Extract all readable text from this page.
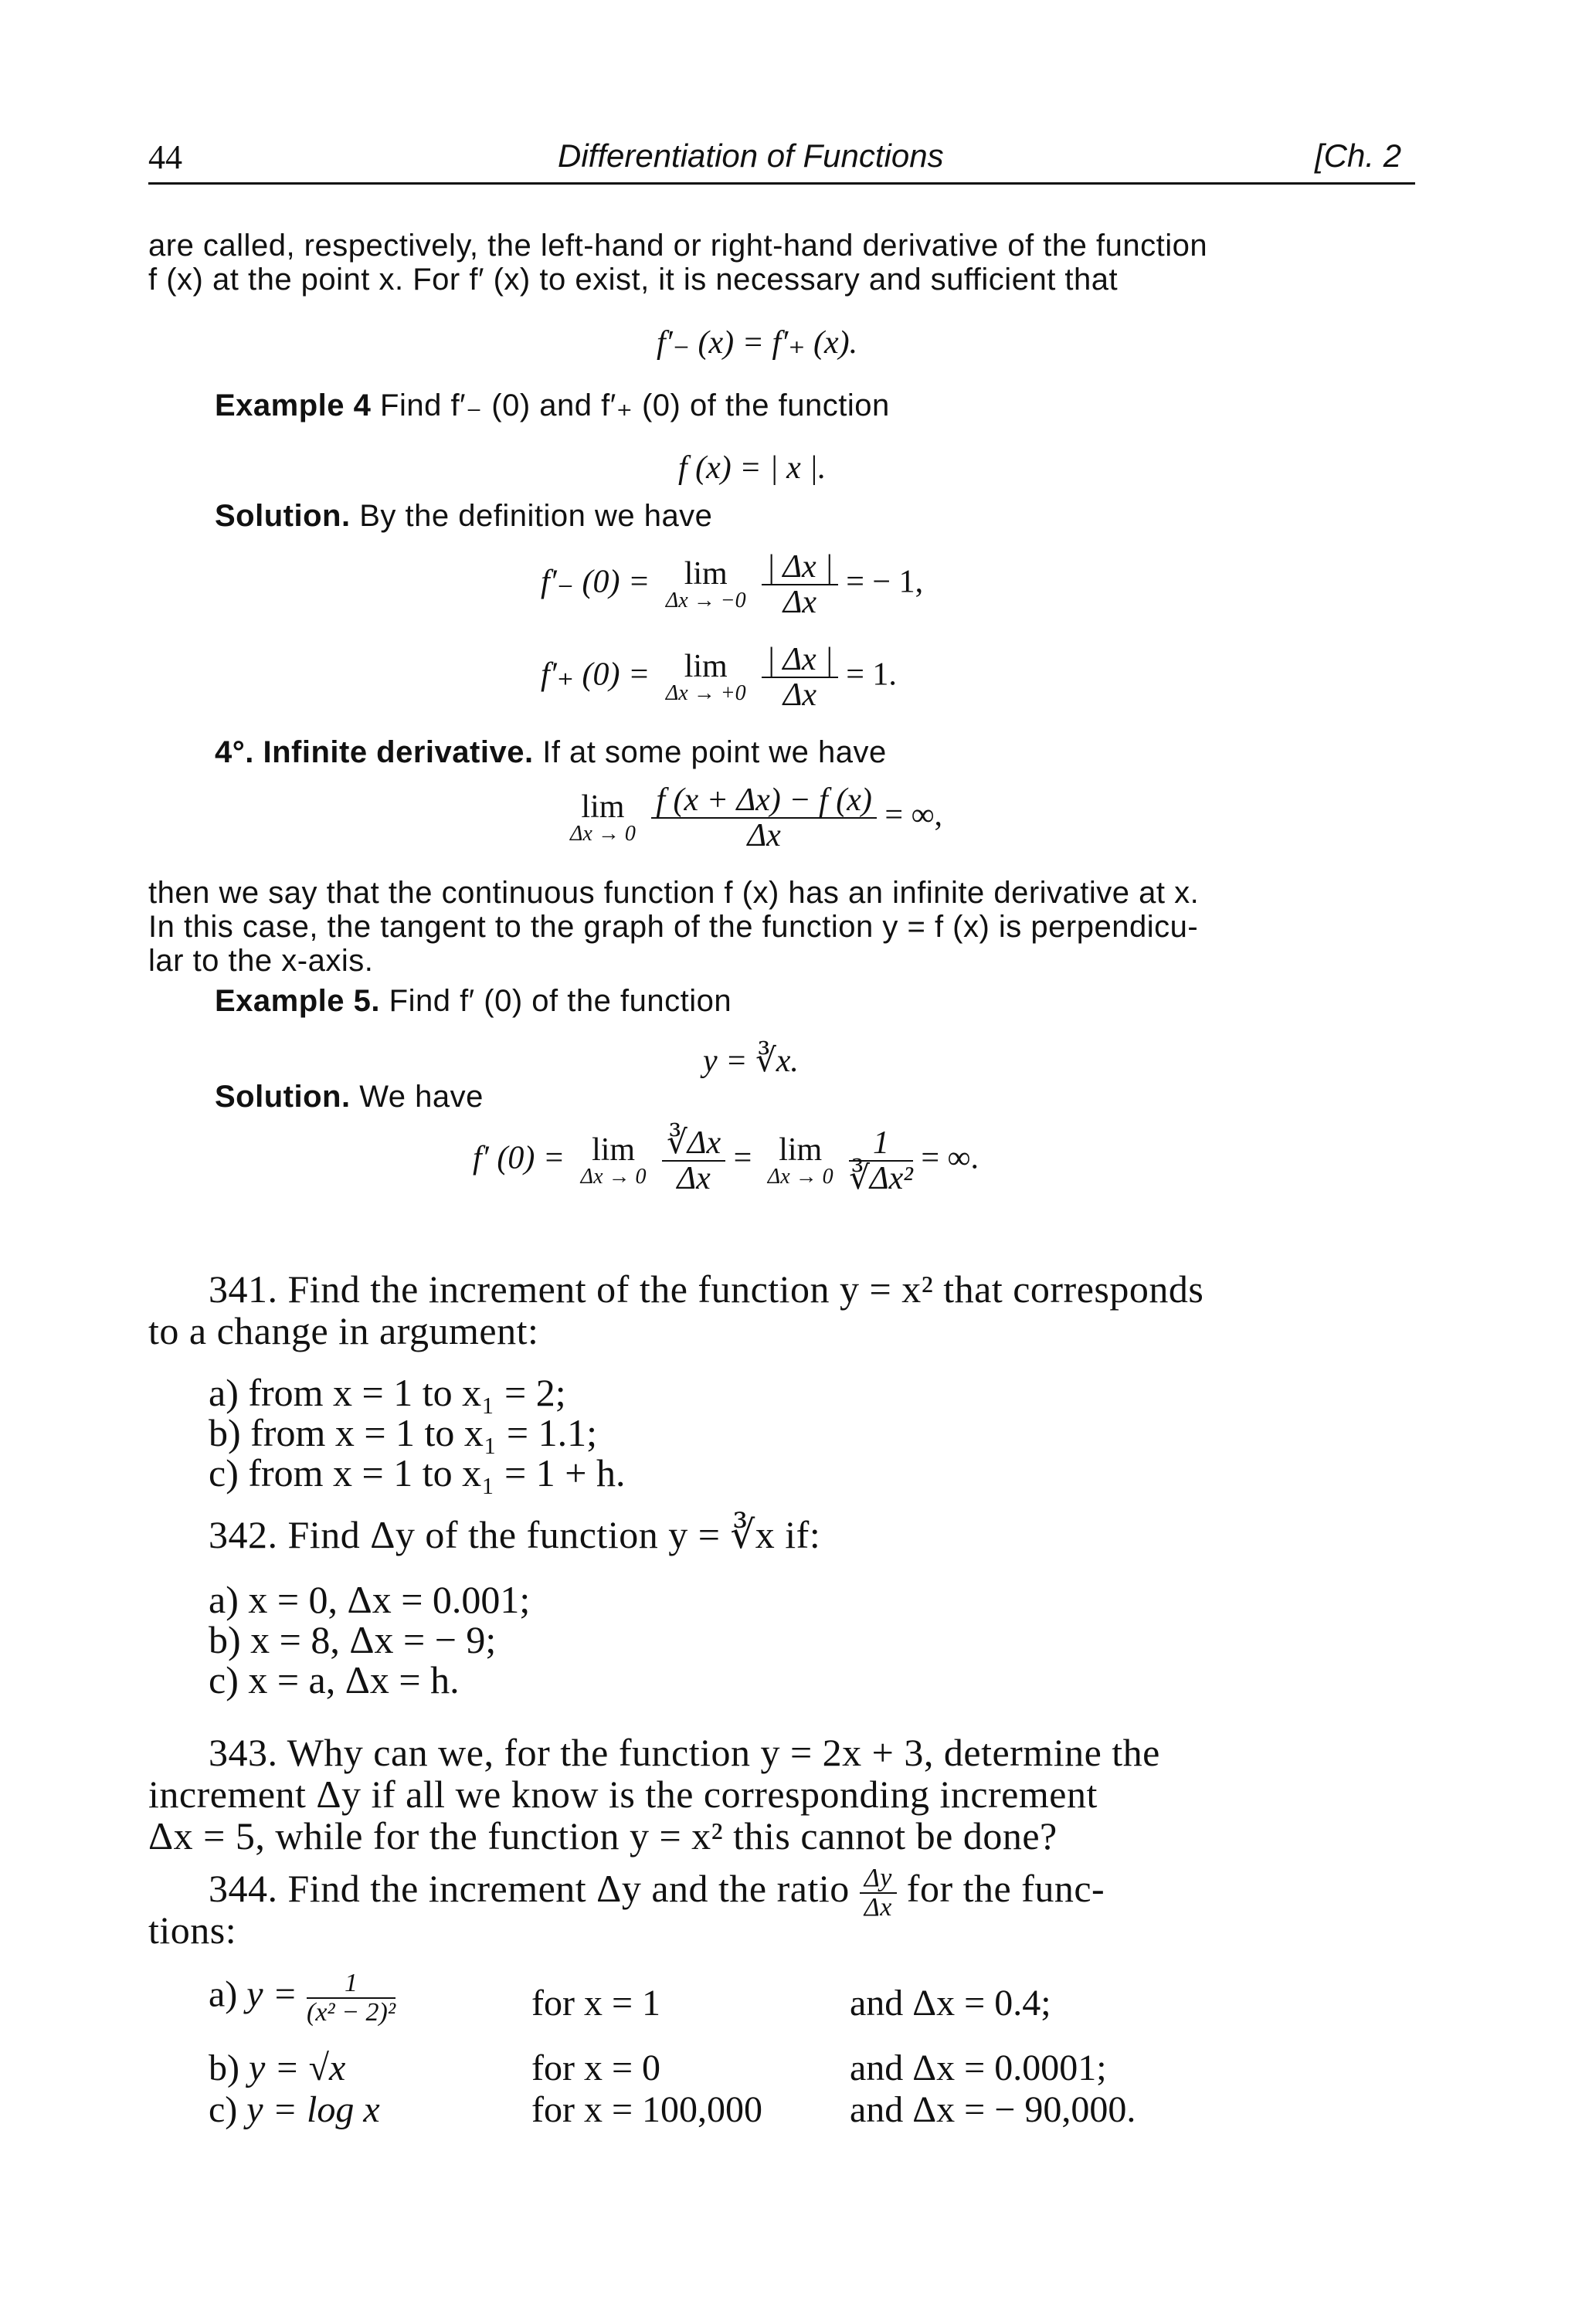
44	Differentiation of Functions	[Ch. 2
are called, respectively, the left-hand or right-hand derivative of the function
f (x) at the point x. For f′ (x) to exist, it is necessary and sufficient that
f′₋ (x) = f′₊ (x).
Example 4 Find f′₋ (0) and f′₊ (0) of the function
f (x) = | x |.
Solution. By the definition we have
f′₋ (0) =	lim
Δx → −0
$\frac{| \Delta x |}{\Delta x}$ = − 1,
f′₊ (0) =	lim
Δx → +0
$\frac{| \Delta x |}{\Delta x} = 1$.
4°. Infinite derivative. If at some point we have
lim
Δx → 0
$\frac{f (x + \Delta x) - f (x)}{\Delta x}$ = ∞,
then we say that the continuous function f (x) has an infinite derivative at x.
In this case, the tangent to the graph of the function y = f (x) is perpendicu-
lar to the x-axis.
Example 5. Find f′ (0) of the function
y = ∛x.
Solution. We have
f′ (0) = lim
Δx → 0
$\frac{∛\Delta x}{\Delta x} = \lim$
Δx → 0
$\frac{1}{\text{∛Δx²}}$ = ∞.
341. Find the increment of the function y = x² that corresponds
to a change in argument:
a) from x = 1 to x₁ = 2;
b) from x = 1 to x₁ = 1.1;
c) from x = 1 to x₁ = 1 + h.
342. Find Δy of the function y = ∛x if:
a) x = 0, Δx = 0.001;
b) x = 8, Δx = − 9;
c) x = a, Δx = h.
343. Why can we, for the function y = 2x + 3, determine the
increment Δy if all we know is the corresponding increment
Δx = 5, while for the function y = x² this cannot be done?
344. Find the increment Δy and the ratio $\frac{\Delta y}{\Delta x}$ for the func-
tions:
a) $y = \frac{1}{\text{(x² − 2)²}}$	for x = 1	and Δx = 0.4;
b) y = √x	for x = 0	and Δx = 0.0001;
c) y = log x	for x = 100,000 and Δx = − 90,000.
